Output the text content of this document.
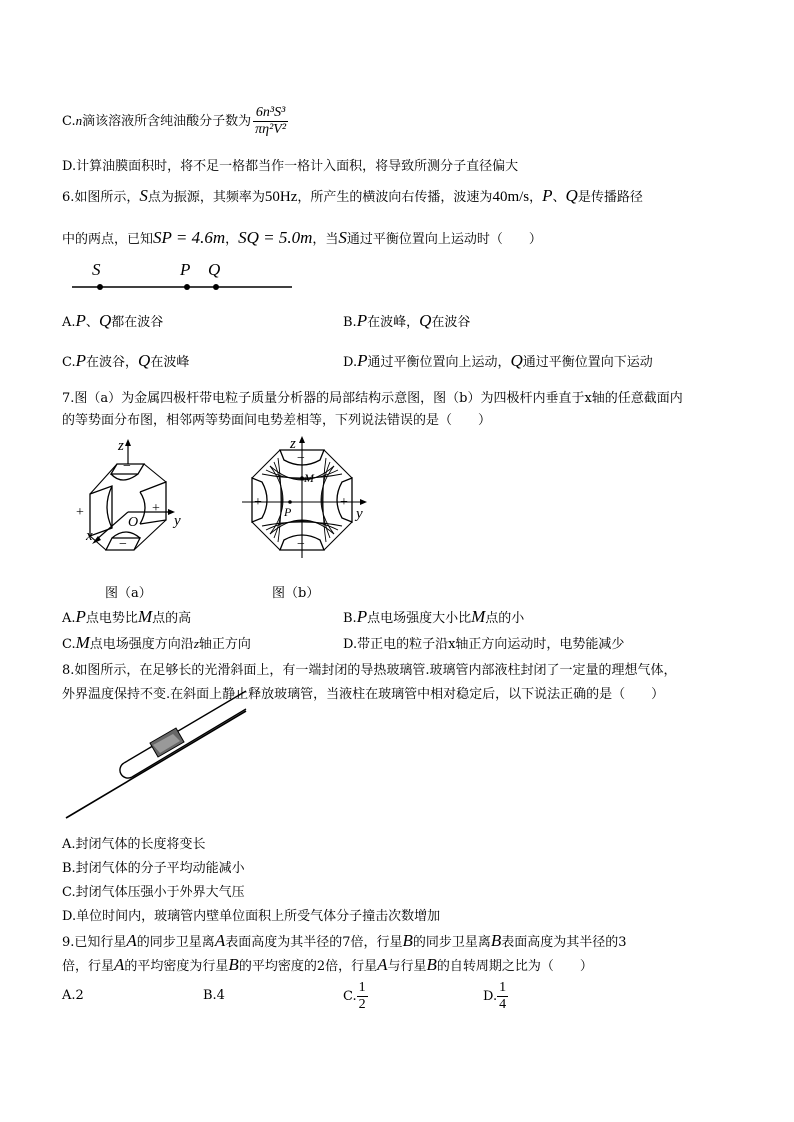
C.n滴该溶液所含纯油酸分子数为 $\frac{\text{6n³S³}}{\text{πη²V²}}$
D.计算油膜面积时，将不足一格都当作一格计入面积，将导致所测分子直径偏大
6.如图所示，S点为振源，其频率为50Hz，所产生的横波向右传播，波速为40m/s，P、Q是传播路径
中的两点，已知SP = 4.6m，SQ = 5.0m，当S通过平衡位置向上运动时（　　）
S	P Q
A.P、Q都在波谷	B.P在波峰，Q在波谷
C.P在波谷，Q在波峰	D.P通过平衡位置向上运动，Q通过平衡位置向下运动
7.图（a）为金属四极杆带电粒子质量分析器的局部结构示意图，图（b）为四极杆内垂直于x轴的任意截面内
的等势面分布图，相邻两等势面间电势差相等，下列说法错误的是（　　）
+	+
−
−
z
y
x
O
−
−
+	+
z
y
M
P
图（a）	图（b）
A.P点电势比M点的高	B.P点电场强度大小比M点的小
C.M点电场强度方向沿z轴正方向	D.带正电的粒子沿x轴正方向运动时，电势能减少
8.如图所示，在足够长的光滑斜面上，有一端封闭的导热玻璃管.玻璃管内部液柱封闭了一定量的理想气体，
外界温度保持不变.在斜面上静止释放玻璃管，当液柱在玻璃管中相对稳定后，以下说法正确的是（　　）
A.封闭气体的长度将变长
B.封闭气体的分子平均动能减小
C.封闭气体压强小于外界大气压
D.单位时间内，玻璃管内壁单位面积上所受气体分子撞击次数增加
9.已知行星A的同步卫星离A表面高度为其半径的7倍，行星B的同步卫星离B表面高度为其半径的3
倍，行星A的平均密度为行星B的平均密度的2倍，行星A与行星B的自转周期之比为（　　）
A.2	B.4	C. $\frac{1}{2}$	D. $\frac{1}{4}$
